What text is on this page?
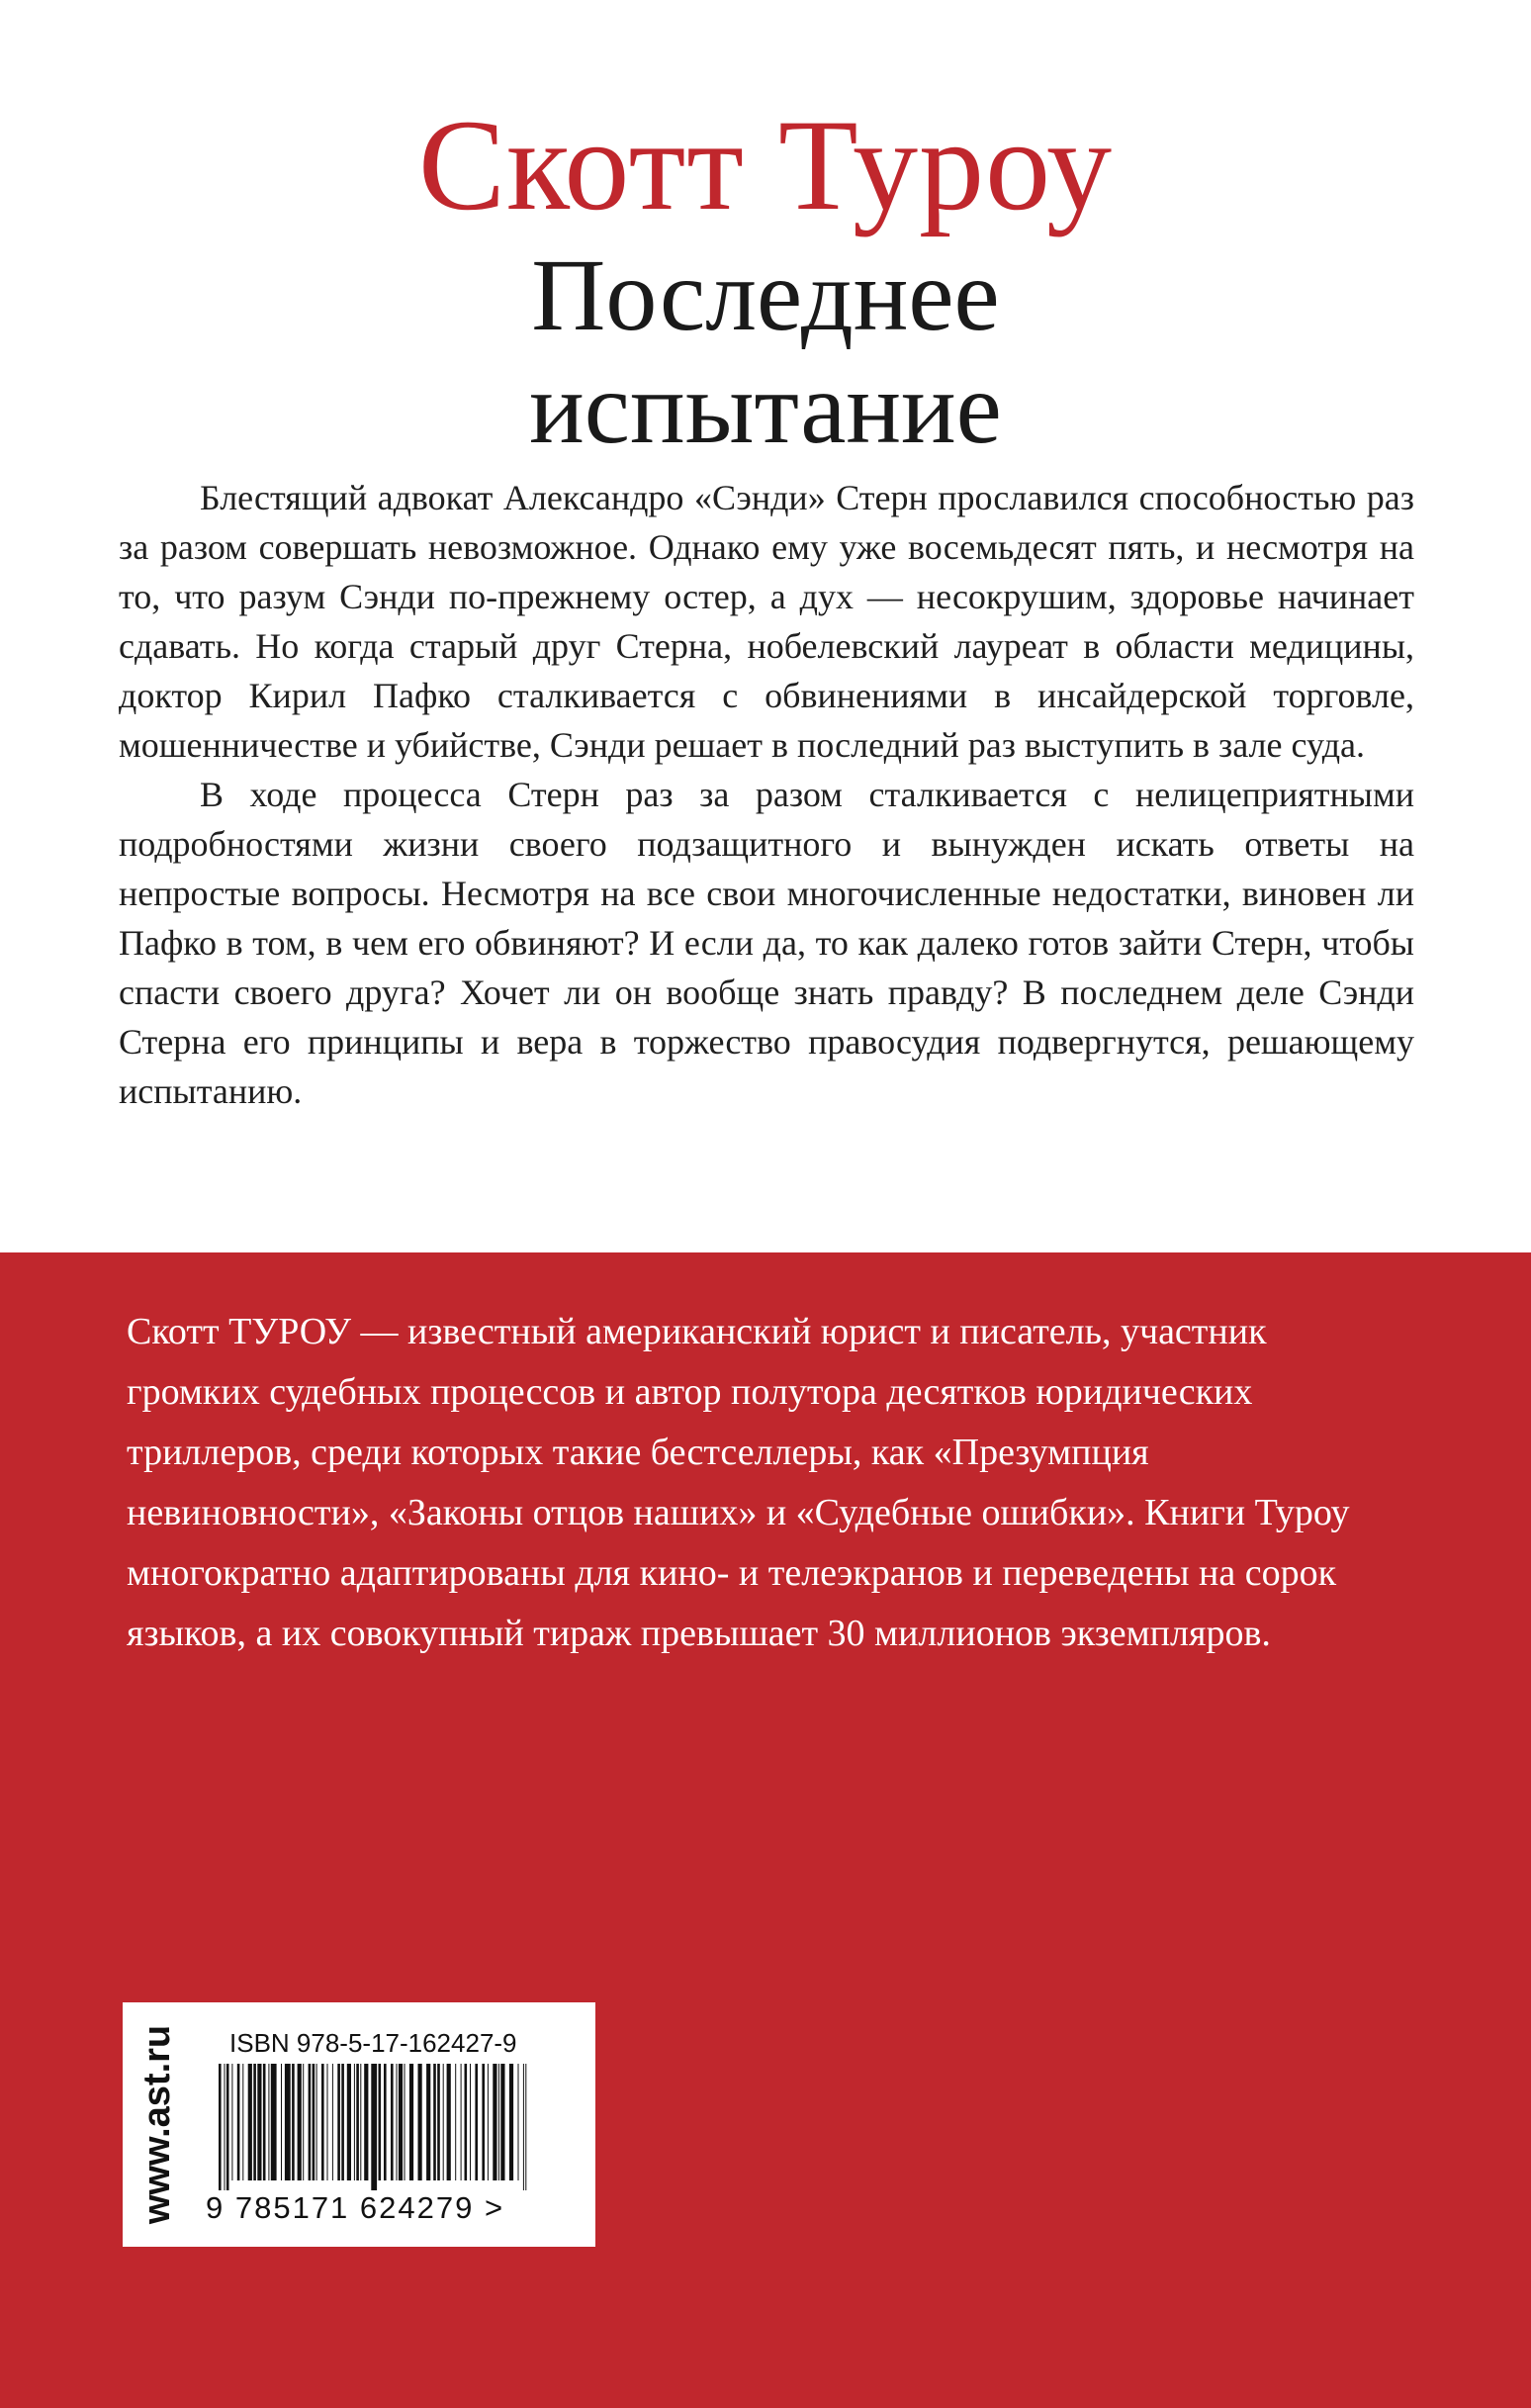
Скотт Туроу
Последнее
испытание

Блестящий адвокат Александро «Сэнди» Стерн прославился способностью раз за разом совершать невозможное. Однако ему уже восемьдесят пять, и несмотря на то, что разум Сэнди по-прежнему остер, а дух — несокрушим, здоровье начинает сдавать. Но когда старый друг Стерна, нобелевский лауреат в области медицины, доктор Кирил Пафко сталкивается с обвинениями в инсайдерской торговле, мошенничестве и убийстве, Сэнди решает в последний раз выступить в зале суда.

В ходе процесса Стерн раз за разом сталкивается с нелицеприятными подробностями жизни своего подзащитного и вынужден искать ответы на непростые вопросы. Несмотря на все свои многочисленные недостатки, виновен ли Пафко в том, в чем его обвиняют? И если да, то как далеко готов зайти Стерн, чтобы спасти своего друга? Хочет ли он вообще знать правду? В последнем деле Сэнди Стерна его принципы и вера в торжество правосудия подвергнутся, решающему испытанию.

Скотт ТУРОУ — известный американский юрист и писатель, участник громких судебных процессов и автор полутора десятков юридических триллеров, среди которых такие бестселлеры, как «Презумпция невиновности», «Законы отцов наших» и «Судебные ошибки». Книги Туроу многократно адаптированы для кино- и телеэкранов и переведены на сорок языков, а их совокупный тираж превышает 30 миллионов экземпляров.
www.ast.ru ISBN 978-5-17-162427-9
9 785171 624279 >
